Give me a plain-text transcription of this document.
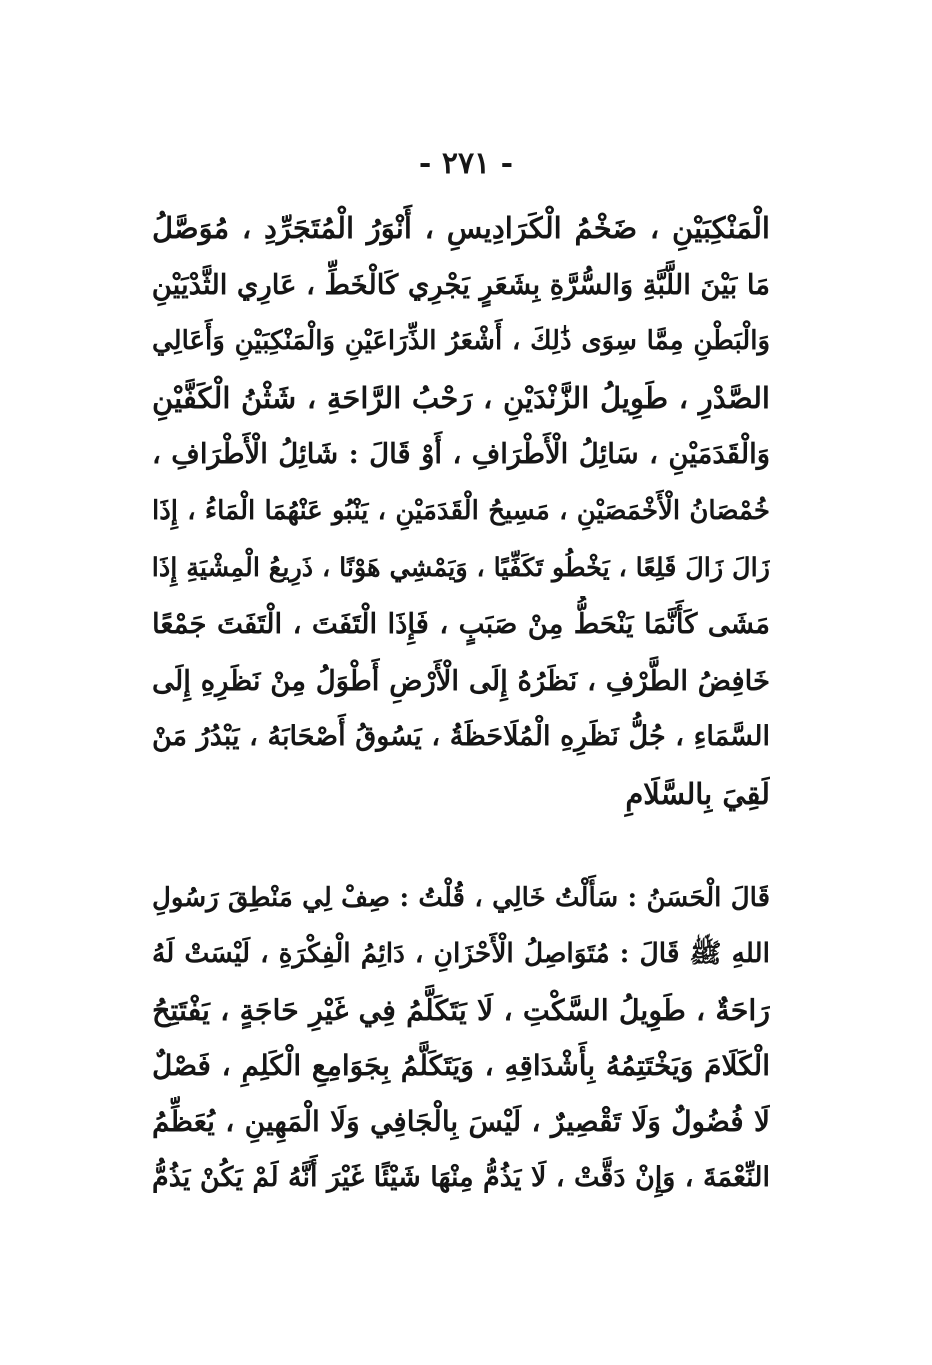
- ٢٧١ -
الْمَنْكِبَيْنِ ، ضَخْمُ الْكَرَادِيسِ ، أَنْوَرُ الْمُتَجَرِّدِ ، مُوَصَّلُ
مَا بَيْنَ اللَّبَّةِ وَالسُّرَّةِ بِشَعَرٍ يَجْرِي كَالْخَطِّ ، عَارِي الثَّدْيَيْنِ
وَالْبَطْنِ مِمَّا سِوَى ذَٰلِكَ ، أَشْعَرُ الذِّرَاعَيْنِ وَالْمَنْكِبَيْنِ وَأَعَالِي
الصَّدْرِ ، طَوِيلُ الزَّنْدَيْنِ ، رَحْبُ الرَّاحَةِ ، شَثْنُ الْكَفَّيْنِ
وَالْقَدَمَيْنِ ، سَائِلُ الْأَطْرَافِ ، أَوْ قَالَ : شَائِلُ الْأَطْرَافِ ،
خُمْصَانُ الْأَخْمَصَيْنِ ، مَسِيحُ الْقَدَمَيْنِ ، يَنْبُو عَنْهُمَا الْمَاءُ ، إِذَا
زَالَ زَالَ قَلِعًا ، يَخْطُو تَكَفِّيًا ، وَيَمْشِي هَوْنًا ، ذَرِيعُ الْمِشْيَةِ إِذَا
مَشَى كَأَنَّمَا يَنْحَطُّ مِنْ صَبَبٍ ، فَإِذَا الْتَفَتَ ، الْتَفَتَ جَمْعًا
خَافِضُ الطَّرْفِ ، نَظَرُهُ إِلَى الْأَرْضِ أَطْوَلُ مِنْ نَظَرِهِ إِلَى
السَّمَاءِ ، جُلُّ نَظَرِهِ الْمُلَاحَظَةُ ، يَسُوقُ أَصْحَابَهُ ، يَبْدُرُ مَنْ
لَقِيَ بِالسَّلَامِ
قَالَ الْحَسَنُ : سَأَلْتُ خَالِي ، قُلْتُ : صِفْ لِي مَنْطِقَ رَسُولِ
اللهِ ﷺ قَالَ : مُتَوَاصِلُ الْأَحْزَانِ ، دَائِمُ الْفِكْرَةِ ، لَيْسَتْ لَهُ
رَاحَةٌ ، طَوِيلُ السَّكْتِ ، لَا يَتَكَلَّمُ فِي غَيْرِ حَاجَةٍ ، يَفْتَتِحُ
الْكَلَامَ وَيَخْتَتِمُهُ بِأَشْدَاقِهِ ، وَيَتَكَلَّمُ بِجَوَامِعِ الْكَلِمِ ، فَصْلٌ
لَا فُضُولٌ وَلَا تَقْصِيرٌ ، لَيْسَ بِالْجَافِي وَلَا الْمَهِينِ ، يُعَظِّمُ
النِّعْمَةَ ، وَإِنْ دَقَّتْ ، لَا يَذُمُّ مِنْهَا شَيْئًا غَيْرَ أَنَّهُ لَمْ يَكُنْ يَذُمُّ
